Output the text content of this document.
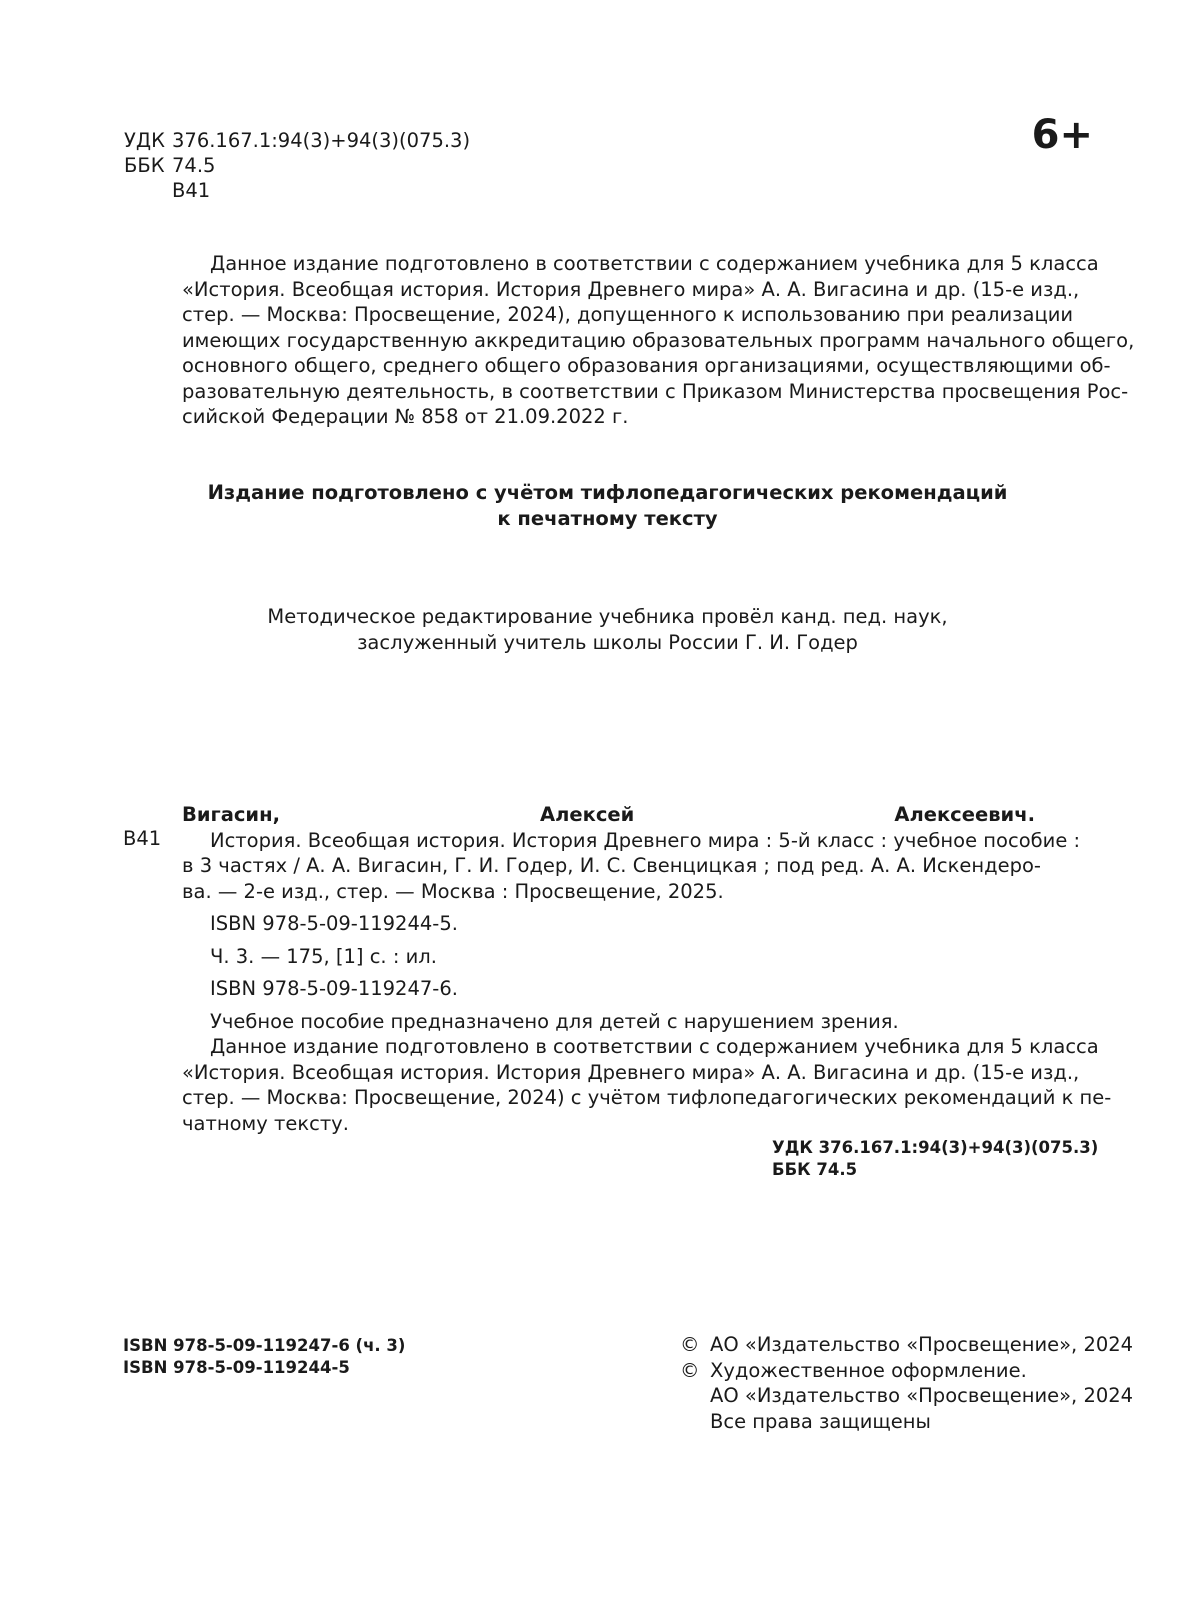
УДК 376.167.1:94(3)+94(3)(075.3)
ББК 74.5
В41
6+
Данное издание подготовлено в соответствии с содержанием учебника для 5 класса
«История. Всеобщая история. История Древнего мира» А. А. Вигасина и др. (15-е изд.,
стер. — Москва: Просвещение, 2024), допущенного к использованию при реализации
имеющих государственную аккредитацию образовательных программ начального общего,
основного общего, среднего общего образования организациями, осуществляющими об-
разовательную деятельность, в соответствии с Приказом Министерства просвещения Рос-
сийской Федерации № 858 от 21.09.2022 г.
Издание подготовлено с учётом тифлопедагогических рекомендаций
к печатному тексту
Методическое редактирование учебника провёл канд. пед. наук,
заслуженный учитель школы России Г. И. Годер
В41
Вигасин, Алексей Алексеевич.
История. Всеобщая история. История Древнего мира : 5-й класс : учебное пособие :
в 3 частях / А. А. Вигасин, Г. И. Годер, И. С. Свенцицкая ; под ред. А. А. Искендеро-
ва. — 2-е изд., стер. — Москва : Просвещение, 2025.
ISBN 978-5-09-119244-5.
Ч. 3. — 175, [1] с. : ил.
ISBN 978-5-09-119247-6.
Учебное пособие предназначено для детей с нарушением зрения.
Данное издание подготовлено в соответствии с содержанием учебника для 5 класса
«История. Всеобщая история. История Древнего мира» А. А. Вигасина и др. (15-е изд.,
стер. — Москва: Просвещение, 2024) с учётом тифлопедагогических рекомендаций к пе-
чатному тексту.
УДК 376.167.1:94(3)+94(3)(075.3)
ББК 74.5
ISBN 978-5-09-119247-6 (ч. 3)
ISBN 978-5-09-119244-5
© АО «Издательство «Просвещение», 2024
© Художественное оформление.
АО «Издательство «Просвещение», 2024
Все права защищены
